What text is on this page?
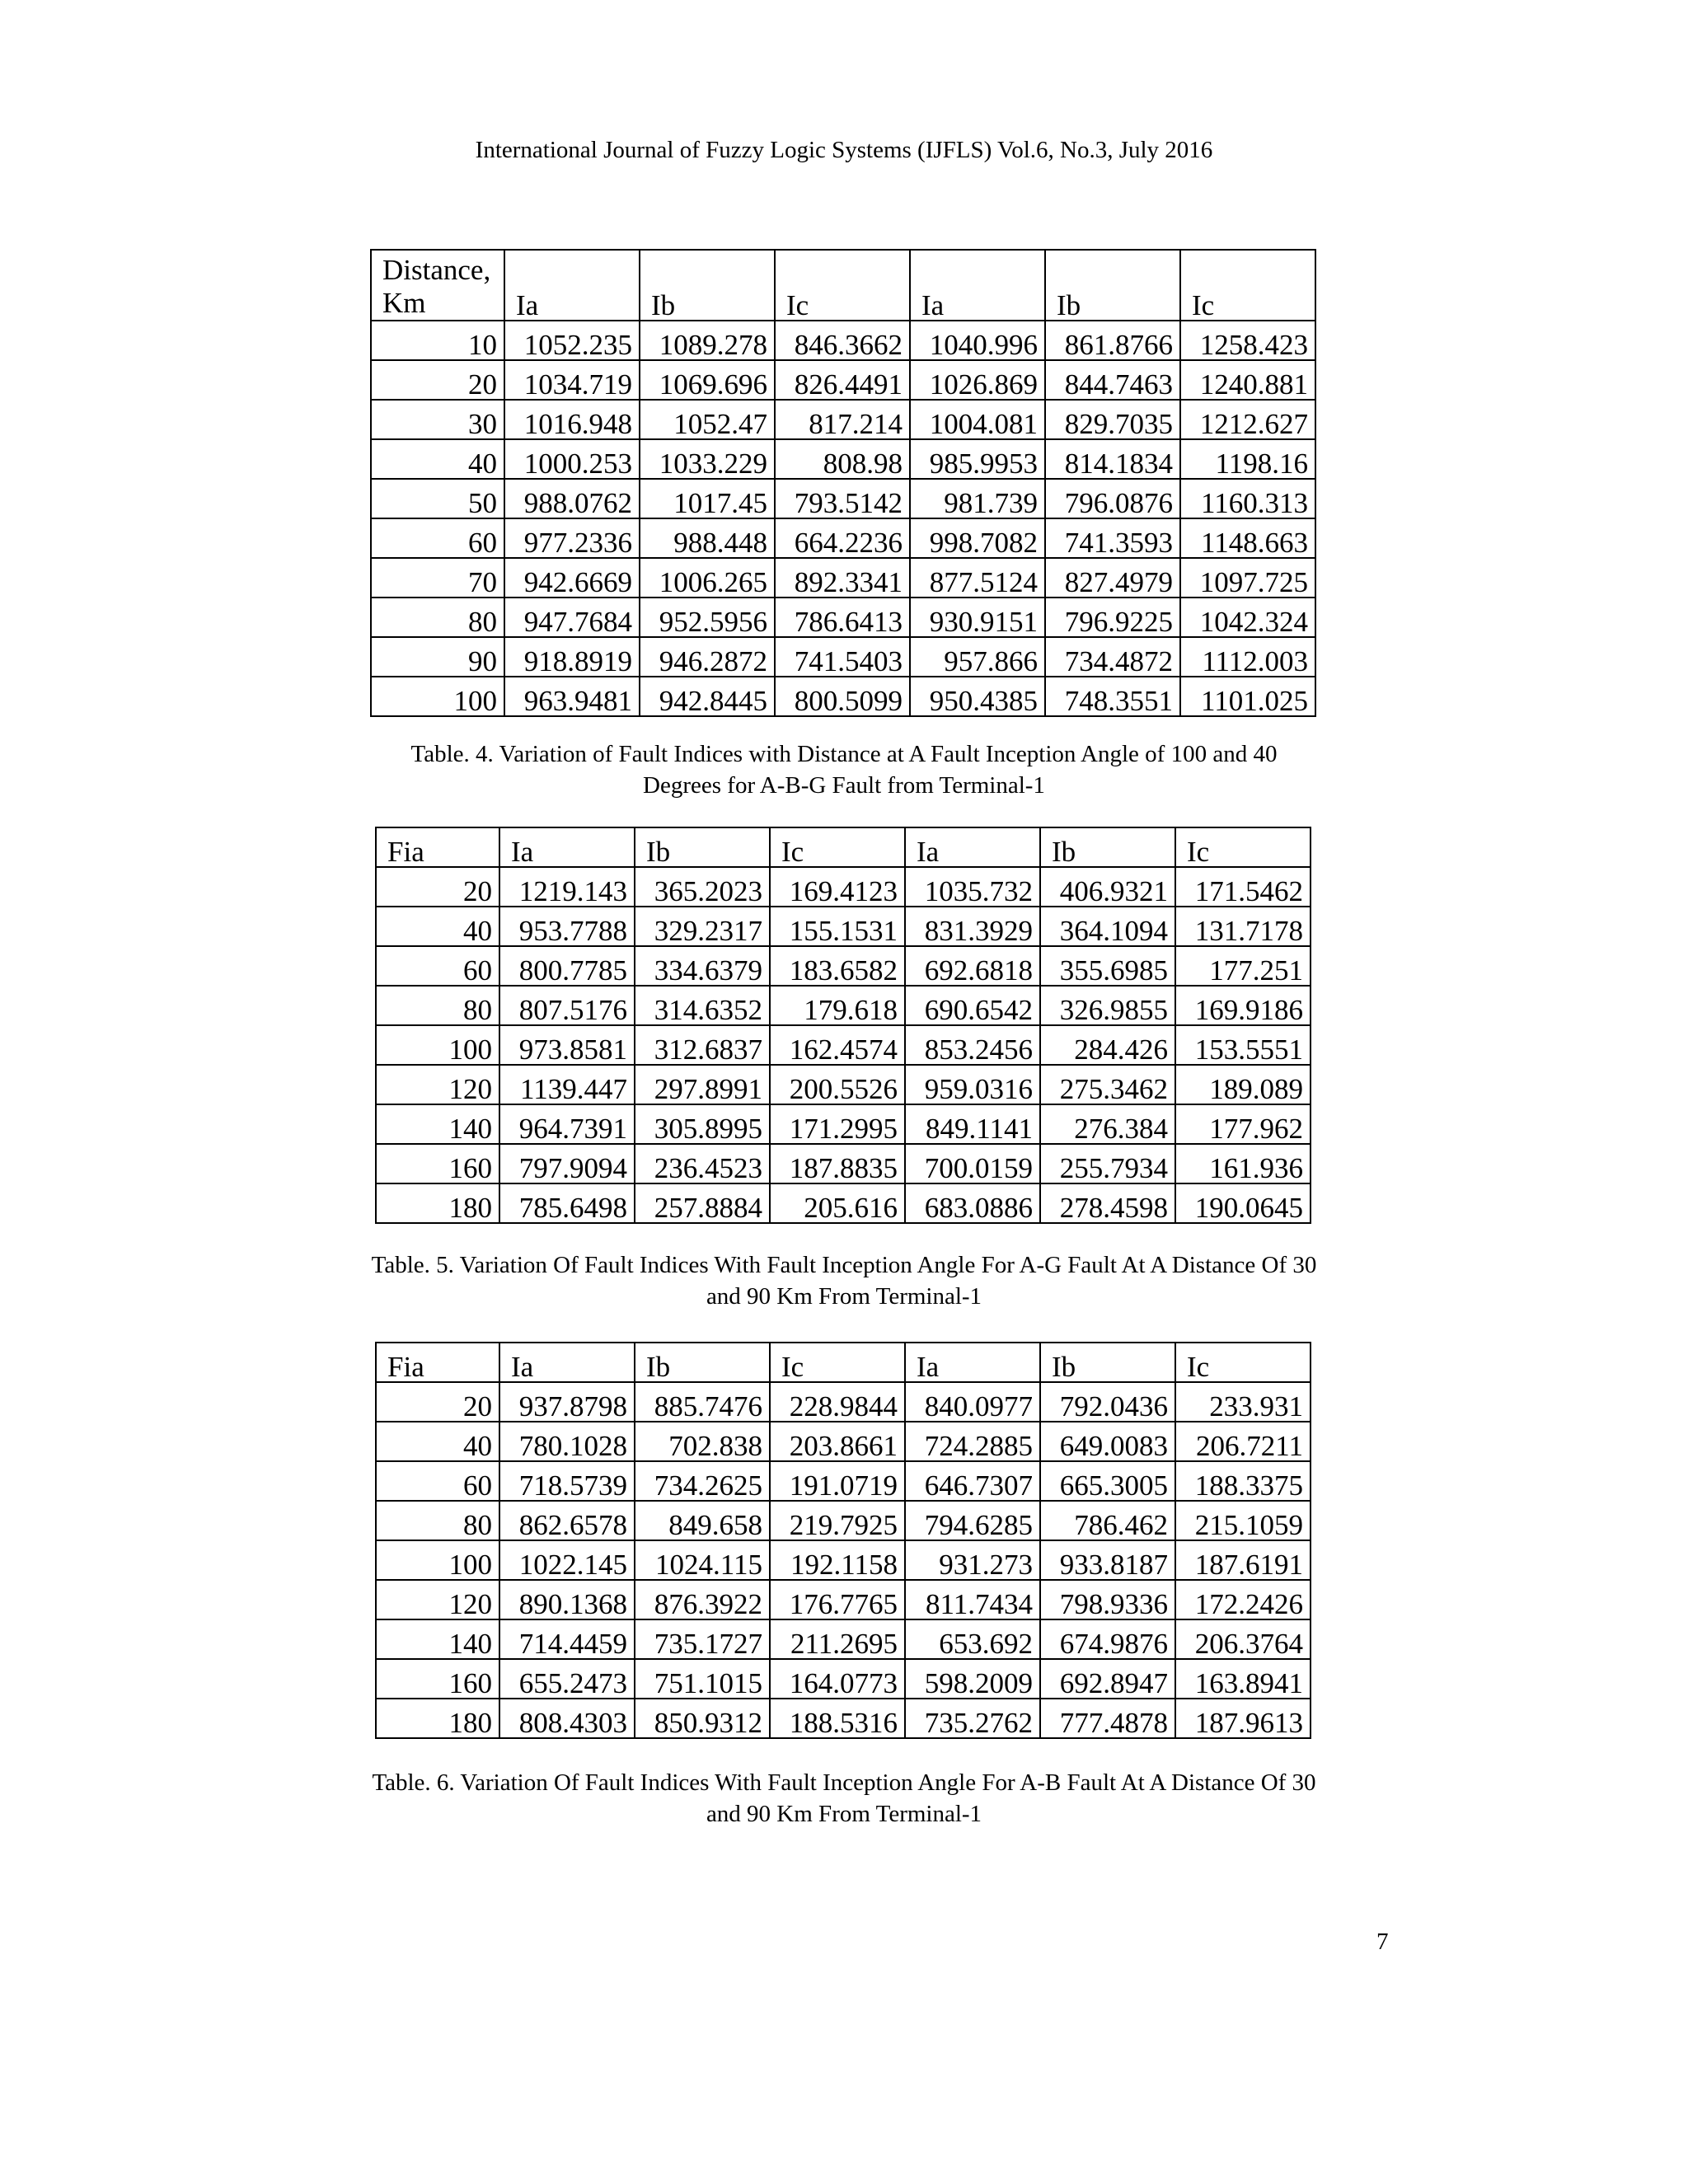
International Journal of Fuzzy Logic Systems (IJFLS) Vol.6, No.3, July 2016
Distance, Km	Ia	Ib	Ic	Ia	Ib	Ic
10	1052.235	1089.278	846.3662	1040.996	861.8766	1258.423
20	1034.719	1069.696	826.4491	1026.869	844.7463	1240.881
30	1016.948	1052.47	817.214	1004.081	829.7035	1212.627
40	1000.253	1033.229	808.98	985.9953	814.1834	1198.16
50	988.0762	1017.45	793.5142	981.739	796.0876	1160.313
60	977.2336	988.448	664.2236	998.7082	741.3593	1148.663
70	942.6669	1006.265	892.3341	877.5124	827.4979	1097.725
80	947.7684	952.5956	786.6413	930.9151	796.9225	1042.324
90	918.8919	946.2872	741.5403	957.866	734.4872	1112.003
100	963.9481	942.8445	800.5099	950.4385	748.3551	1101.025
Table. 4. Variation of Fault Indices with Distance at A Fault Inception Angle of 100 and 40
Degrees for A-B-G Fault from Terminal-1
Fia	Ia	Ib	Ic	Ia	Ib	Ic
20	1219.143	365.2023	169.4123	1035.732	406.9321	171.5462
40	953.7788	329.2317	155.1531	831.3929	364.1094	131.7178
60	800.7785	334.6379	183.6582	692.6818	355.6985	177.251
80	807.5176	314.6352	179.618	690.6542	326.9855	169.9186
100	973.8581	312.6837	162.4574	853.2456	284.426	153.5551
120	1139.447	297.8991	200.5526	959.0316	275.3462	189.089
140	964.7391	305.8995	171.2995	849.1141	276.384	177.962
160	797.9094	236.4523	187.8835	700.0159	255.7934	161.936
180	785.6498	257.8884	205.616	683.0886	278.4598	190.0645
Table. 5. Variation Of Fault Indices With Fault Inception Angle For A-G Fault At A Distance Of 30
and 90 Km From Terminal-1
Fia	Ia	Ib	Ic	Ia	Ib	Ic
20	937.8798	885.7476	228.9844	840.0977	792.0436	233.931
40	780.1028	702.838	203.8661	724.2885	649.0083	206.7211
60	718.5739	734.2625	191.0719	646.7307	665.3005	188.3375
80	862.6578	849.658	219.7925	794.6285	786.462	215.1059
100	1022.145	1024.115	192.1158	931.273	933.8187	187.6191
120	890.1368	876.3922	176.7765	811.7434	798.9336	172.2426
140	714.4459	735.1727	211.2695	653.692	674.9876	206.3764
160	655.2473	751.1015	164.0773	598.2009	692.8947	163.8941
180	808.4303	850.9312	188.5316	735.2762	777.4878	187.9613
Table. 6. Variation Of Fault Indices With Fault Inception Angle For A-B Fault At A Distance Of 30
and 90 Km From Terminal-1
7
